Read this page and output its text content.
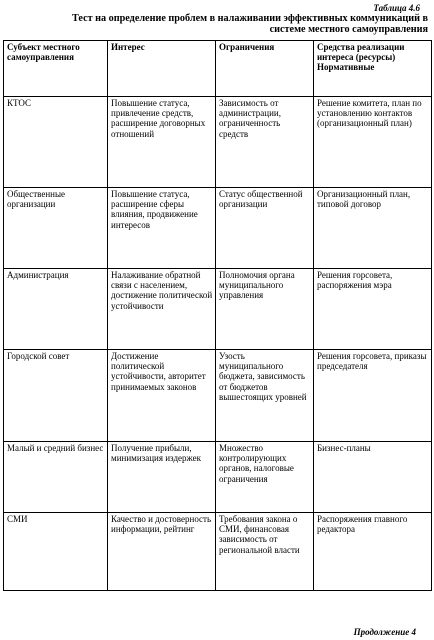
Таблица 4.6
Тест на определение проблем в налаживании эффективных коммуникаций в системе местного самоуправления
Субъект местного самоуправления	Интерес	Ограничения	Средства реализации интереса (ресурсы) Нормативные
КТОС	Повышение статуса, привлечение средств, расширение договорных отношений	Зависимость от администрации, ограниченность средств	Решение комитета, план по установлению контактов (организационный план)
Общественные организации	Повышение статуса, расширение сферы влияния, продвижение интересов	Статус общественной организации	Организационный план, типовой договор
Администрация	Налаживание обратной связи с населением, достижение политической устойчивости	Полномочия органа муниципального управления	Решения горсовета, распоряжения мэра
Городской совет	Достижение политической устойчивости, авторитет принимаемых законов	Узость муниципального бюджета, зависимость от бюджетов вышестоящих уровней	Решения горсовета, приказы председателя
Малый и средний бизнес	Получение прибыли, минимизация издержек	Множество контролирующих органов, налоговые ограничения	Бизнес-планы
СМИ	Качество и достоверность информации, рейтинг	Требования закона о СМИ, финансовая зависимость от региональной власти	Распоряжения главного редактора
Продолжение 4
